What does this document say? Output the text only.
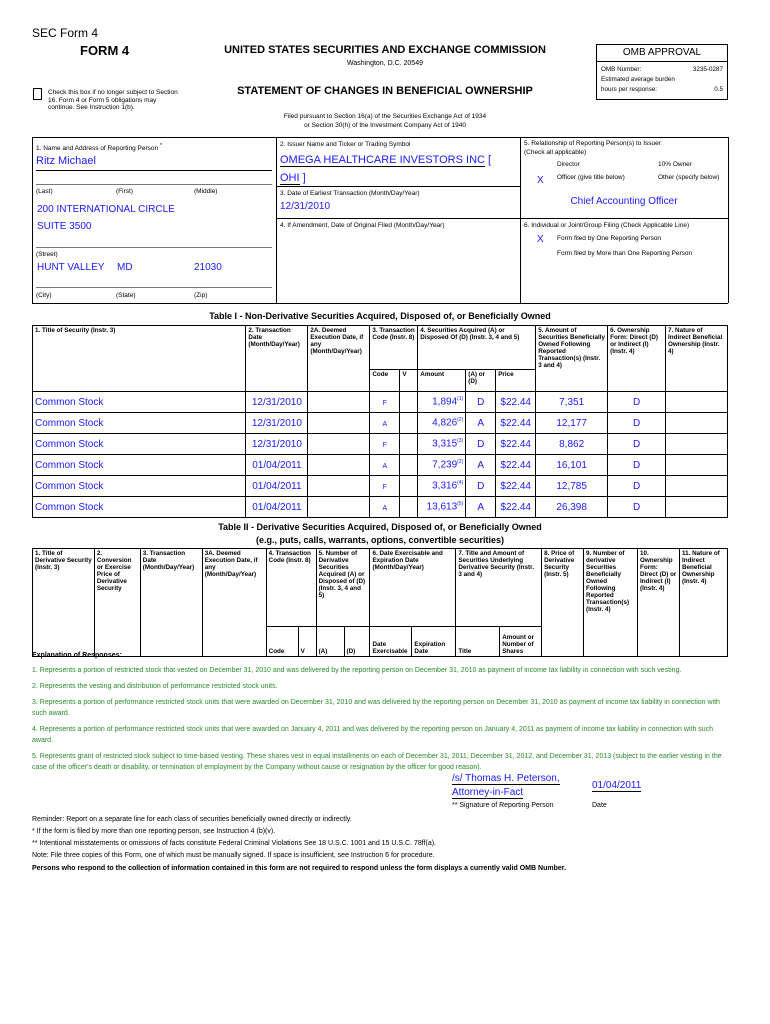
SEC Form 4
FORM 4	UNITED STATES SECURITIES AND EXCHANGE COMMISSION
Washington, D.C. 20549
STATEMENT OF CHANGES IN BENEFICIAL OWNERSHIP
Check this box if no longer subject to Section 16. Form 4 or Form 5 obligations may continue. See Instruction 1(b).
OMB APPROVAL
OMB Number:	3235-0287
Estimated average burden
hours per response:	0.5
Filed pursuant to Section 16(a) of the Securities Exchange Act of 1934
or Section 30(h) of the Investment Company Act of 1940
1. Name and Address of Reporting Person *
Ritz Michael
(Last)	(First)	(Middle)
200 INTERNATIONAL CIRCLE
SUITE 3500
(Street)
HUNT VALLEY MD	21030
(City)	(State)	(Zip)
2. Issuer Name and Ticker or Trading Symbol
OMEGA HEALTHCARE INVESTORS INC [
OHI ]
3. Date of Earliest Transaction (Month/Day/Year)
12/31/2010
4. If Amendment, Date of Original Filed (Month/Day/Year)
5. Relationship of Reporting Person(s) to Issuer
(Check all applicable)
Director	10% Owner
X Officer (give title below)	Other (specify below)
Chief Accounting Officer
6. Individual or Joint/Group Filing (Check Applicable Line)
X Form filed by One Reporting Person
Form filed by More than One Reporting Person
Table I - Non-Derivative Securities Acquired, Disposed of, or Beneficially Owned
1. Title of Security (Instr. 3)	2. Transaction Date (Month/Day/Year)	2A. Deemed Execution Date, if any (Month/Day/Year)	3. Transaction Code (Instr. 8)		4. Securities Acquired (A) or Disposed Of (D) (Instr. 3, 4 and 5)			5. Amount of Securities Beneficially Owned Following Reported Transaction(s) (Instr. 3 and 4)	6. Ownership Form: Direct (D) or Indirect (I) (Instr. 4)	7. Nature of Indirect Beneficial Ownership (Instr. 4)
			Code	V	Amount	(A) or (D)	Price			
Common Stock	12/31/2010		F		1,894$^{(1)}$	D	$22.44	7,351	D	
Common Stock	12/31/2010		A		4,826$^{(2)}$	A	$22.44	12,177	D	
Common Stock	12/31/2010		F		3,315$^{(3)}$	D	$22.44	8,862	D	
Common Stock	01/04/2011		A		7,239$^{(2)}$	A	$22.44	16,101	D	
Common Stock	01/04/2011		F		3,316$^{(4)}$	D	$22.44	12,785	D	
Common Stock	01/04/2011		A		13,613$^{(5)}$	A	$22.44	26,398	D	
Table II - Derivative Securities Acquired, Disposed of, or Beneficially Owned
(e.g., puts, calls, warrants, options, convertible securities)
1. Title of Derivative Security (Instr. 3)	2. Conversion or Exercise Price of Derivative Security	3. Transaction Date (Month/Day/Year)	3A. Deemed Execution Date, if any (Month/Day/Year)	4. Transaction Code (Instr. 8)		5. Number of Derivative Securities Acquired (A) or Disposed of (D) (Instr. 3, 4 and 5)		6. Date Exercisable and Expiration Date (Month/Day/Year)		7. Title and Amount of Securities Underlying Derivative Security (Instr. 3 and 4)		8. Price of Derivative Security (Instr. 5)	9. Number of derivative Securities Beneficially Owned Following Reported Transaction(s) (Instr. 4)	10. Ownership Form: Direct (D) or Indirect (I) (Instr. 4)	11. Nature of Indirect Beneficial Ownership (Instr. 4)
				Code	V	(A)	(D)	Date Exercisable	Expiration Date	Title	Amount or Number of Shares				
Explanation of Responses:

1. Represents a portion of restricted stock that vested on December 31, 2010 and was delivered by the reporting person on December 31, 2010 as payment of income tax liability in connection with such vesting.

2. Represents the vesting and distribution of performance restricted stock units.

3. Represents a portion of performance restricted stock units that were awarded on December 31, 2010 and was delivered by the reporting person on December 31, 2010 as payment of income tax liability in connection with such award.

4. Represents a portion of performance restricted stock units that were awarded on January 4, 2011 and was delivered by the reporting person on January 4, 2011 as payment of income tax liability in connection with such award.

5. Represents grant of restricted stock subject to time-based vesting. These shares vest in equal installments on each of December 31, 2011, December 31, 2012, and December 31, 2013 (subject to the earlier vesting in the case of the officer's death or disability, or termination of employment by the Company without cause or resignation by the officer for good reason).

/s/ Thomas H. Peterson,
Attorney-in-Fact
01/04/2011
** Signature of Reporting Person	Date
Reminder: Report on a separate line for each class of securities beneficially owned directly or indirectly.
* If the form is filed by more than one reporting person, see Instruction 4 (b)(v).
** Intentional misstatements or omissions of facts constitute Federal Criminal Violations See 18 U.S.C. 1001 and 15 U.S.C. 78ff(a).
Note: File three copies of this Form, one of which must be manually signed. If space is insufficient, see Instruction 6 for procedure.
Persons who respond to the collection of information contained in this form are not required to respond unless the form displays a currently valid OMB Number.
